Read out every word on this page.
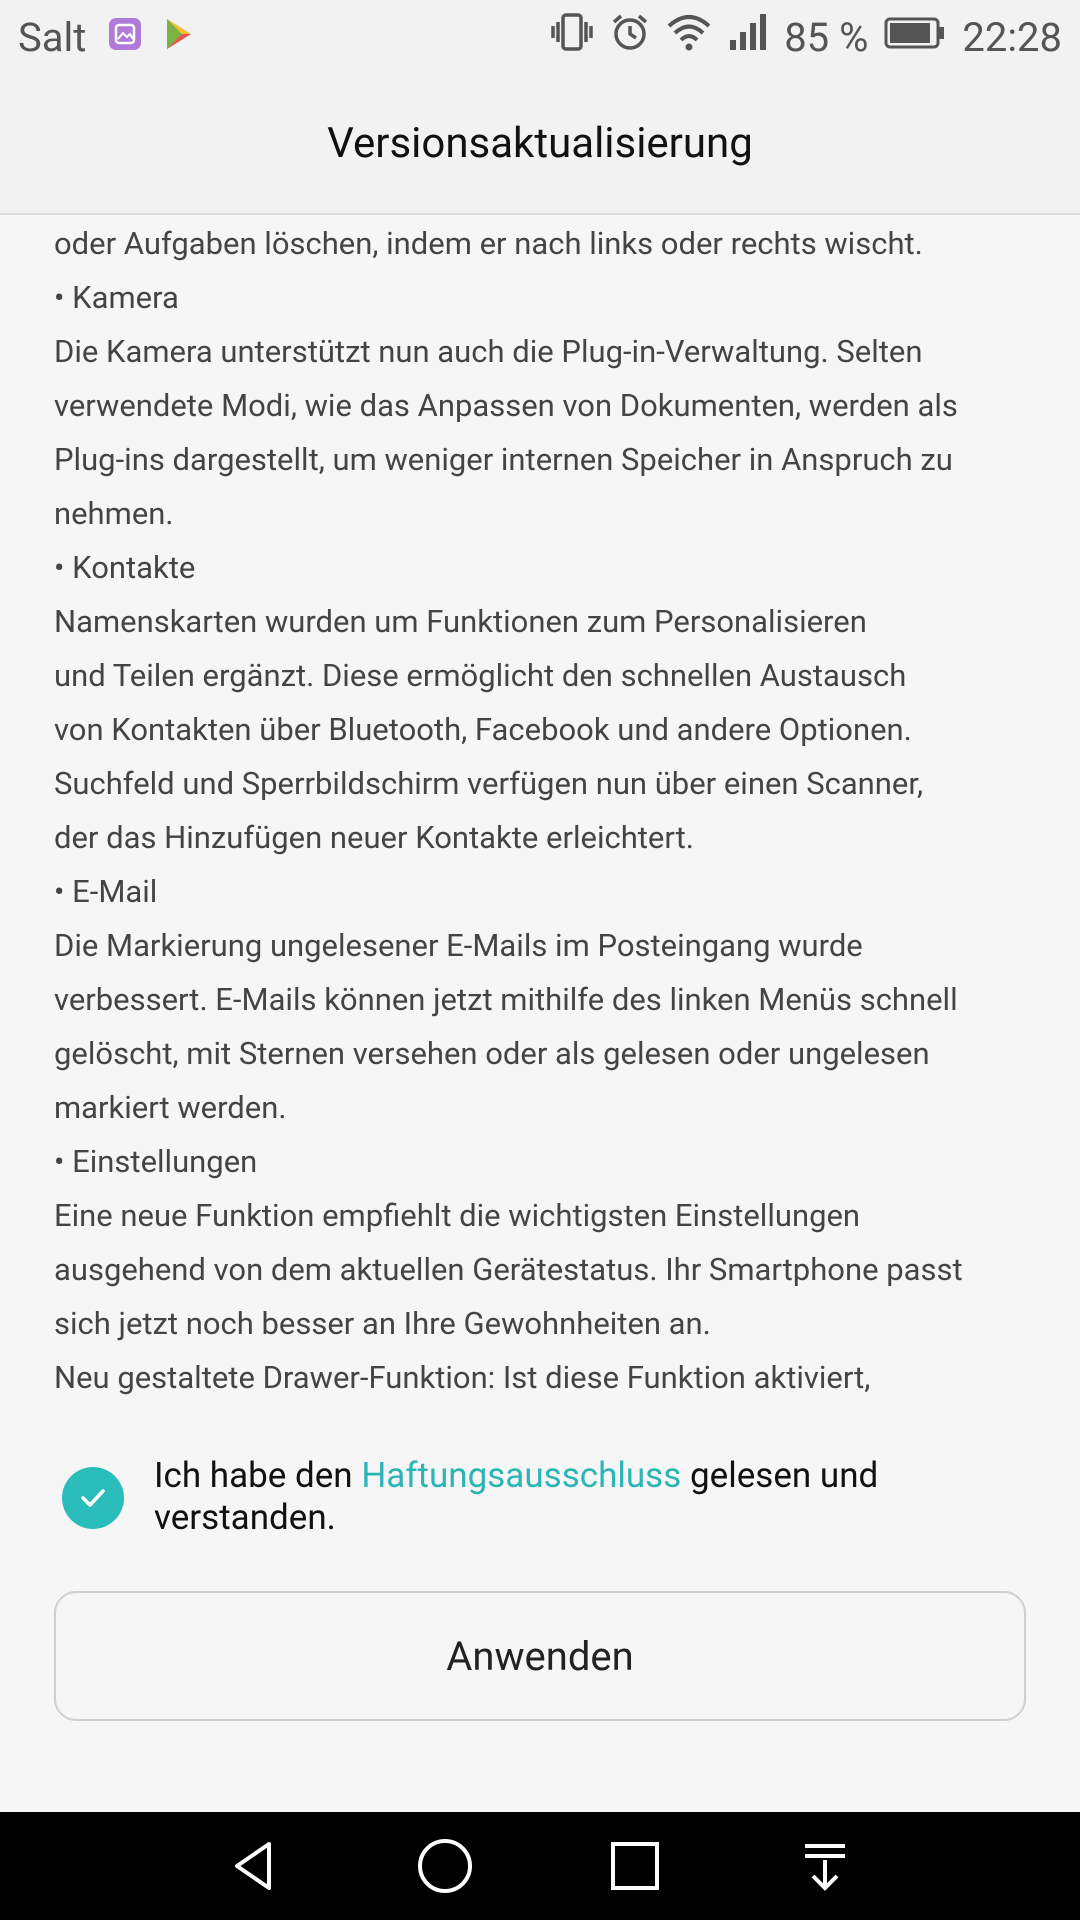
Salt	85 % 22:28
Versionsaktualisierung

oder Aufgaben löschen, indem er nach links oder rechts wischt.

• Kamera

Die Kamera unterstützt nun auch die Plug-in-Verwaltung. Selten

verwendete Modi, wie das Anpassen von Dokumenten, werden als

Plug-ins dargestellt, um weniger internen Speicher in Anspruch zu

nehmen.

• Kontakte

Namenskarten wurden um Funktionen zum Personalisieren

und Teilen ergänzt. Diese ermöglicht den schnellen Austausch

von Kontakten über Bluetooth, Facebook und andere Optionen.

Suchfeld und Sperrbildschirm verfügen nun über einen Scanner,

der das Hinzufügen neuer Kontakte erleichtert.

• E-Mail

Die Markierung ungelesener E-Mails im Posteingang wurde

verbessert. E-Mails können jetzt mithilfe des linken Menüs schnell

gelöscht, mit Sternen versehen oder als gelesen oder ungelesen

markiert werden.

• Einstellungen

Eine neue Funktion empfiehlt die wichtigsten Einstellungen

ausgehend von dem aktuellen Gerätestatus. Ihr Smartphone passt

sich jetzt noch besser an Ihre Gewohnheiten an.

Neu gestaltete Drawer-Funktion: Ist diese Funktion aktiviert,

Ich habe den Haftungsausschluss gelesen und verstanden.
Anwenden
